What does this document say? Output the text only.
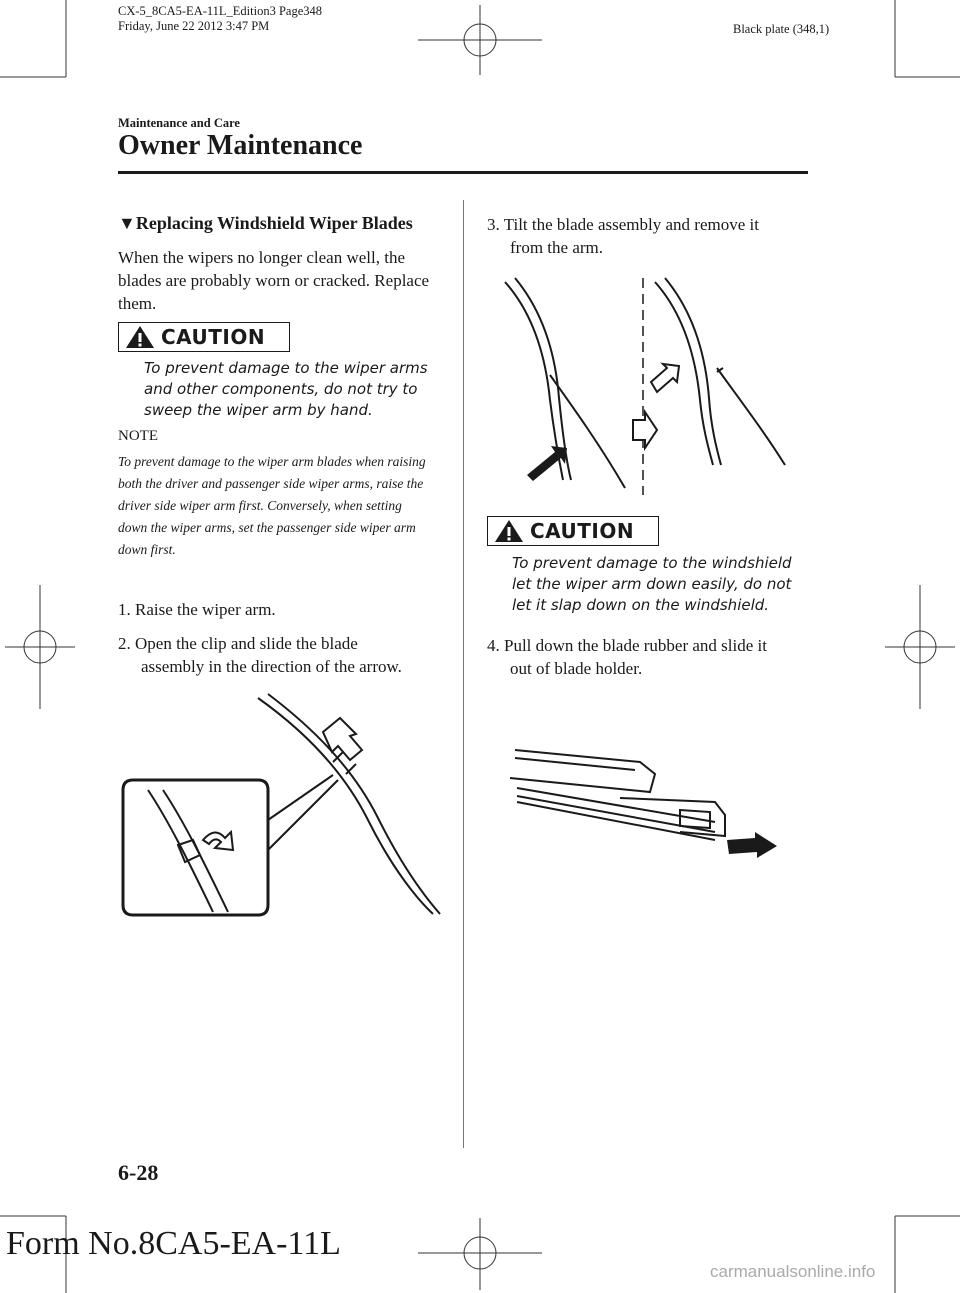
CX-5_8CA5-EA-11L_Edition3 Page348
Friday, June 22 2012 3:47 PM	Black plate (348,1)
Maintenance and Care
Owner Maintenance
▼Replacing Windshield Wiper Blades
When the wipers no longer clean well, the blades are probably worn or cracked. Replace them.
CAUTION
To prevent damage to the wiper arms and other components, do not try to sweep the wiper arm by hand.
NOTE
To prevent damage to the wiper arm blades when raising both the driver and passenger side wiper arms, raise the driver side wiper arm first. Conversely, when setting down the wiper arms, set the passenger side wiper arm down first.
1. Raise the wiper arm.
2. Open the clip and slide the blade
assembly in the direction of the arrow.
3. Tilt the blade assembly and remove it
from the arm.
CAUTION
To prevent damage to the windshield let the wiper arm down easily, do not let it slap down on the windshield.
4. Pull down the blade rubber and slide it
out of blade holder.
6-28
Form No.8CA5-EA-11L
carmanualsonline.info
